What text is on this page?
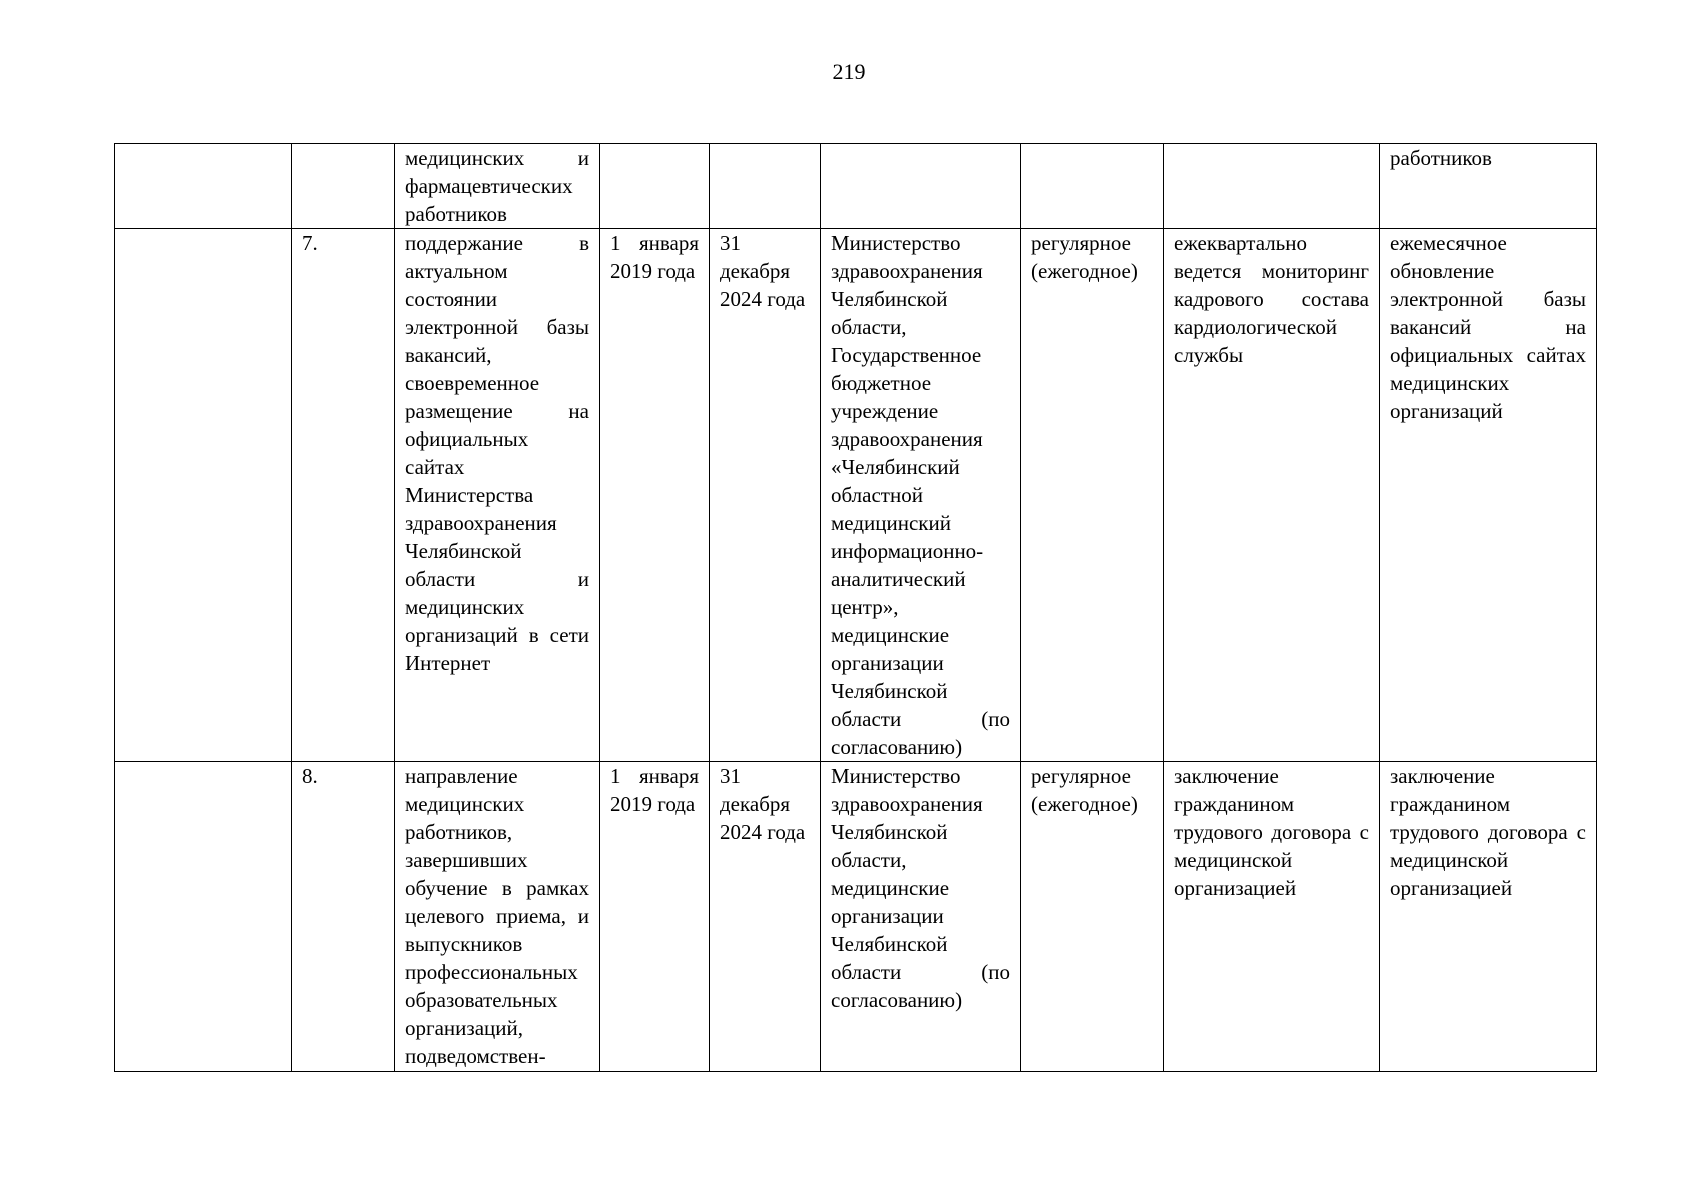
219
		медицинских и фармацевтических работников						работников
	7.	поддержание в актуальном состоянии электронной базы вакансий, своевременное размещение на официальных сайтах Министерства здравоохранения Челябинской области и медицинских организаций в сети Интернет	1 января 2019 года	31 декабря 2024 года	Министерство здравоохранения Челябинской области, Государственное бюджетное учреждение здравоохранения «Челябинский областной медицинский информационно-аналитический центр», медицинские организации Челябинской области (по согласованию)	регулярное (ежегодное)	ежеквартально ведется мониторинг кадрового состава кардиологической службы	ежемесячное обновление электронной базы вакансий на официальных сайтах медицинских организаций
	8.	направление медицинских работников, завершивших обучение в рамках целевого приема, и выпускников профессиональных образовательных организаций, подведомствен-	1 января 2019 года	31 декабря 2024 года	Министерство здравоохранения Челябинской области, медицинские организации Челябинской области (по согласованию)	регулярное (ежегодное)	заключение гражданином трудового договора с медицинской организацией	заключение гражданином трудового договора с медицинской организацией
